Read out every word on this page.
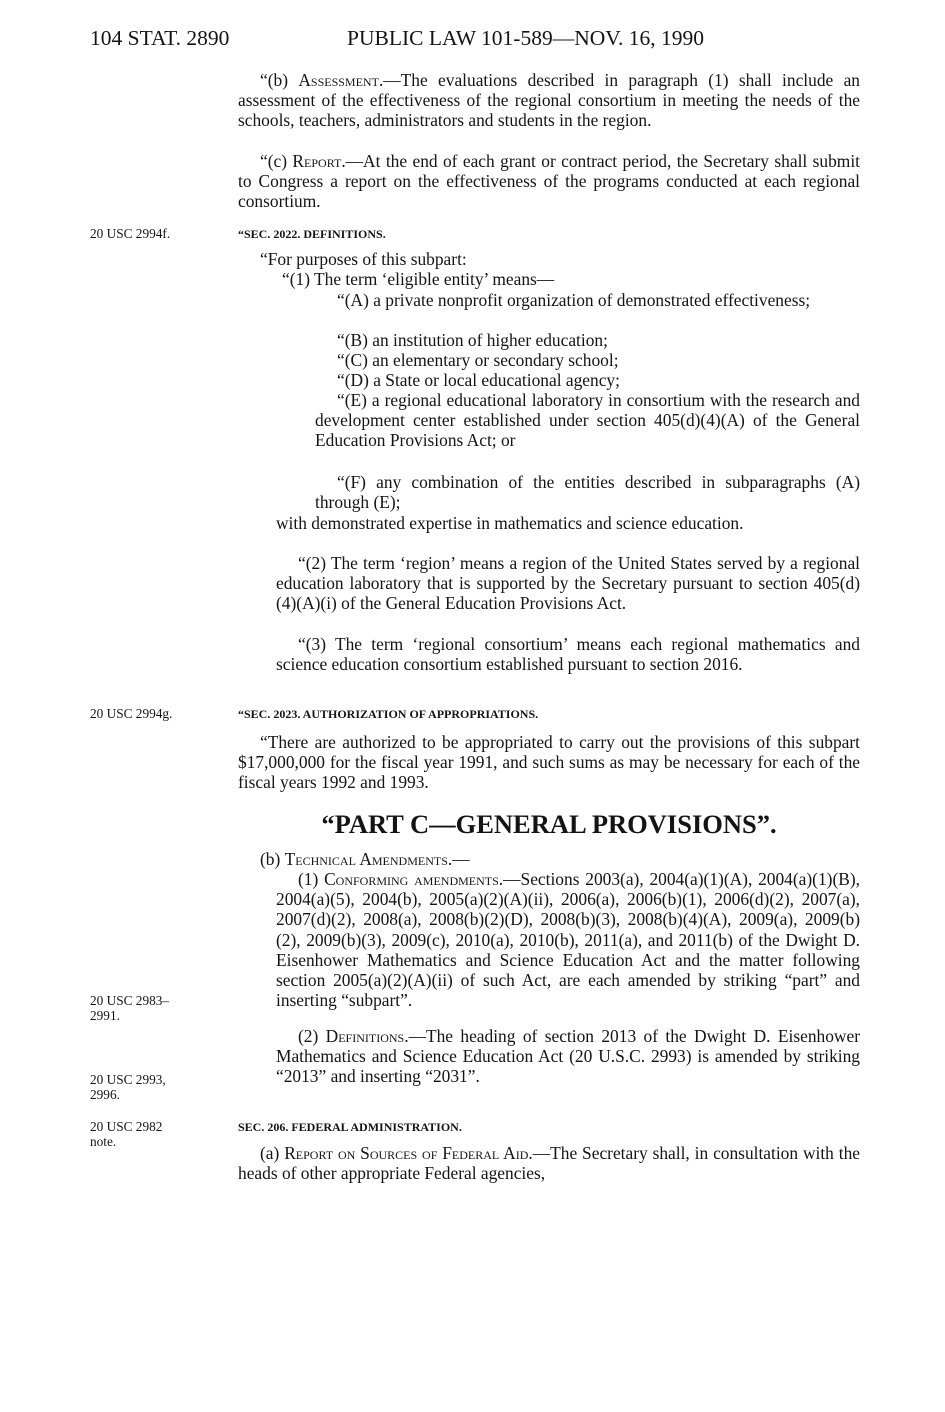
104 STAT. 2890	PUBLIC LAW 101-589—NOV. 16, 1990
20 USC 2994f.
20 USC 2994g.
20 USC 2983–
2991.
20 USC 2993,
2996.
20 USC 2982
note.
“(b) Assessment.—The evaluations described in paragraph (1) shall include an assessment of the effectiveness of the regional consortium in meeting the needs of the schools, teachers, administrators and students in the region.
“(c) Report.—At the end of each grant or contract period, the Secretary shall submit to Congress a report on the effectiveness of the programs conducted at each regional consortium.
“SEC. 2022. DEFINITIONS.
“For purposes of this subpart:
“(1) The term ‘eligible entity’ means—
“(A) a private nonprofit organization of demonstrated effectiveness;
“(B) an institution of higher education;
“(C) an elementary or secondary school;
“(D) a State or local educational agency;
“(E) a regional educational laboratory in consortium with the research and development center established under section 405(d)(4)(A) of the General Education Provisions Act; or
“(F) any combination of the entities described in subparagraphs (A) through (E);
with demonstrated expertise in mathematics and science education.
“(2) The term ‘region’ means a region of the United States served by a regional education laboratory that is supported by the Secretary pursuant to section 405(d)(4)(A)(i) of the General Education Provisions Act.
“(3) The term ‘regional consortium’ means each regional mathematics and science education consortium established pursuant to section 2016.
“SEC. 2023. AUTHORIZATION OF APPROPRIATIONS.
“There are authorized to be appropriated to carry out the provisions of this subpart $17,000,000 for the fiscal year 1991, and such sums as may be necessary for each of the fiscal years 1992 and 1993.
“PART C—GENERAL PROVISIONS”.
(b) Technical Amendments.—
(1) Conforming amendments.—Sections 2003(a), 2004(a)(1)(A), 2004(a)(1)(B), 2004(a)(5), 2004(b), 2005(a)(2)(A)(ii), 2006(a), 2006(b)(1), 2006(d)(2), 2007(a), 2007(d)(2), 2008(a), 2008(b)(2)(D), 2008(b)(3), 2008(b)(4)(A), 2009(a), 2009(b)(2), 2009(b)(3), 2009(c), 2010(a), 2010(b), 2011(a), and 2011(b) of the Dwight D. Eisenhower Mathematics and Science Education Act and the matter following section 2005(a)(2)(A)(ii) of such Act, are each amended by striking “part” and inserting “subpart”.
(2) Definitions.—The heading of section 2013 of the Dwight D. Eisenhower Mathematics and Science Education Act (20 U.S.C. 2993) is amended by striking “2013” and inserting “2031”.
SEC. 206. FEDERAL ADMINISTRATION.
(a) Report on Sources of Federal Aid.—The Secretary shall, in consultation with the heads of other appropriate Federal agencies,
